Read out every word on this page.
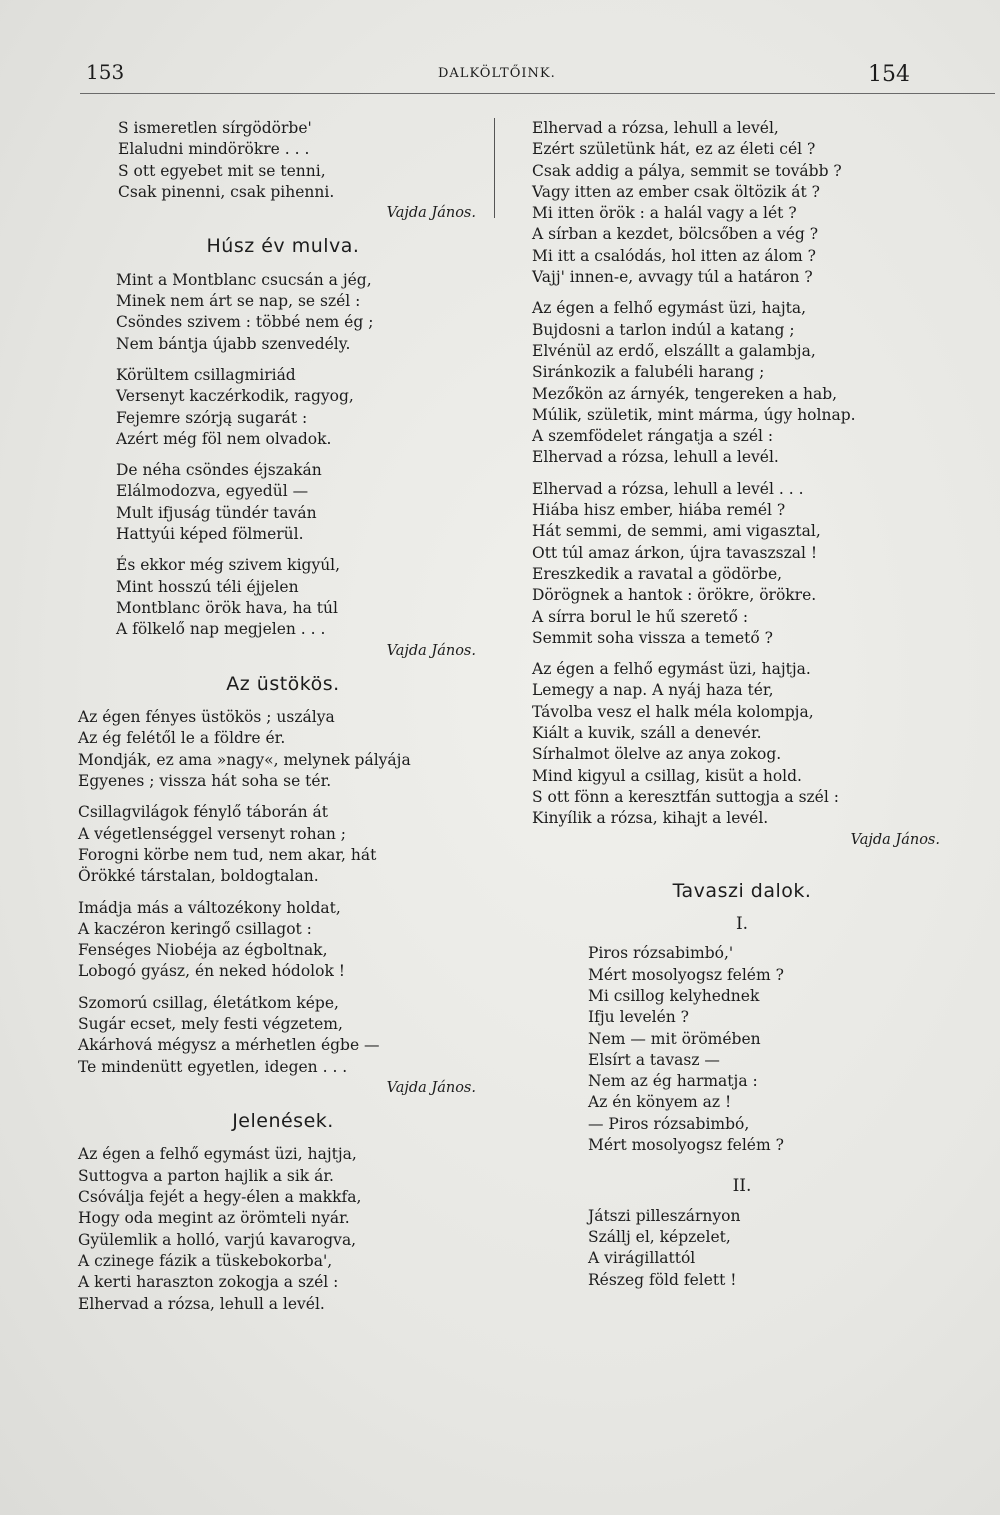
153	DALKÖLTŐINK.	154
S ismeretlen sírgödörbe'
Elaludni mindörökre . . .
S ott egyebet mit se tenni,
Csak pinenni, csak pihenni.
Vajda János.
Húsz év mulva.
Mint a Montblanc csucsán a jég,
Minek nem árt se nap, se szél :
Csöndes szivem : többé nem ég ;
Nem bántja újabb szenvedély.
Körültem csillagmiriád
Versenyt kaczérkodik, ragyog,
Fejemre szórją sugarát :
Azért még föl nem olvadok.
De néha csöndes éjszakán
Elálmodozva, egyedül —
Mult ifjuság tündér taván
Hattyúi képed fölmerül.
És ekkor még szivem kigyúl,
Mint hosszú téli éjjelen
Montblanc örök hava, ha túl
A fölkelő nap megjelen . . .
Vajda János.
Az üstökös.
Az égen fényes üstökös ; uszálya
Az ég felétől le a földre ér.
Mondják, ez ama »nagy«, melynek pályája
Egyenes ; vissza hát soha se tér.
Csillagvilágok fénylő táborán át
A végetlenséggel versenyt rohan ;
Forogni körbe nem tud, nem akar, hát
Örökké társtalan, boldogtalan.
Imádja más a változékony holdat,
A kaczéron keringő csillagot :
Fenséges Niobéja az égboltnak,
Lobogó gyász, én neked hódolok !
Szomorú csillag, életátkom képe,
Sugár ecset, mely festi végzetem,
Akárhová mégysz a mérhetlen égbe —
Te mindenütt egyetlen, idegen . . .
Vajda János.
Jelenések.
Az égen a felhő egymást üzi, hajtja,
Suttogva a parton hajlik a sik ár.
Csóválja fejét a hegy-élen a makkfa,
Hogy oda megint az örömteli nyár.
Gyülemlik a holló, varjú kavarogva,
A czinege fázik a tüskebokorba',
A kerti haraszton zokogja a szél :
Elhervad a rózsa, lehull a levél.
Elhervad a rózsa, lehull a levél,
Ezért születünk hát, ez az életi cél ?
Csak addig a pálya, semmit se tovább ?
Vagy itten az ember csak öltözik át ?
Mi itten örök : a halál vagy a lét ?
A sírban a kezdet, bölcsőben a vég ?
Mi itt a csalódás, hol itten az álom ?
Vajj' innen-e, avvagy túl a határon ?
Az égen a felhő egymást üzi, hajta,
Bujdosni a tarlon indúl a katang ;
Elvénül az erdő, elszállt a galambja,
Siránkozik a falubéli harang ;
Mezőkön az árnyék, tengereken a hab,
Múlik, születik, mint márma, úgy holnap.
A szemfödelet rángatja a szél :
Elhervad a rózsa, lehull a levél.
Elhervad a rózsa, lehull a levél . . .
Hiába hisz ember, hiába remél ?
Hát semmi, de semmi, ami vigasztal,
Ott túl amaz árkon, újra tavaszszal !
Ereszkedik a ravatal a gödörbe,
Dörögnek a hantok : örökre, örökre.
A sírra borul le hű szerető :
Semmit soha vissza a temető ?
Az égen a felhő egymást üzi, hajtja.
Lemegy a nap. A nyáj haza tér,
Távolba vesz el halk méla kolompja,
Kiált a kuvik, száll a denevér.
Sírhalmot ölelve az anya zokog.
Mind kigyul a csillag, kisüt a hold.
S ott fönn a keresztfán suttogja a szél :
Kinyílik a rózsa, kihajt a levél.
Vajda János.
Tavaszi dalok.
I.
Piros rózsabimbó,'
Mért mosolyogsz felém ?
Mi csillog kelyhednek
Ifju levelén ?
Nem — mit örömében
Elsírt a tavasz —
Nem az ég harmatja :
Az én könyem az !
— Piros rózsabimbó,
Mért mosolyogsz felém ?
II.
Játszi pilleszárnyon
Szállj el, képzelet,
A virágillattól
Részeg föld felett !
